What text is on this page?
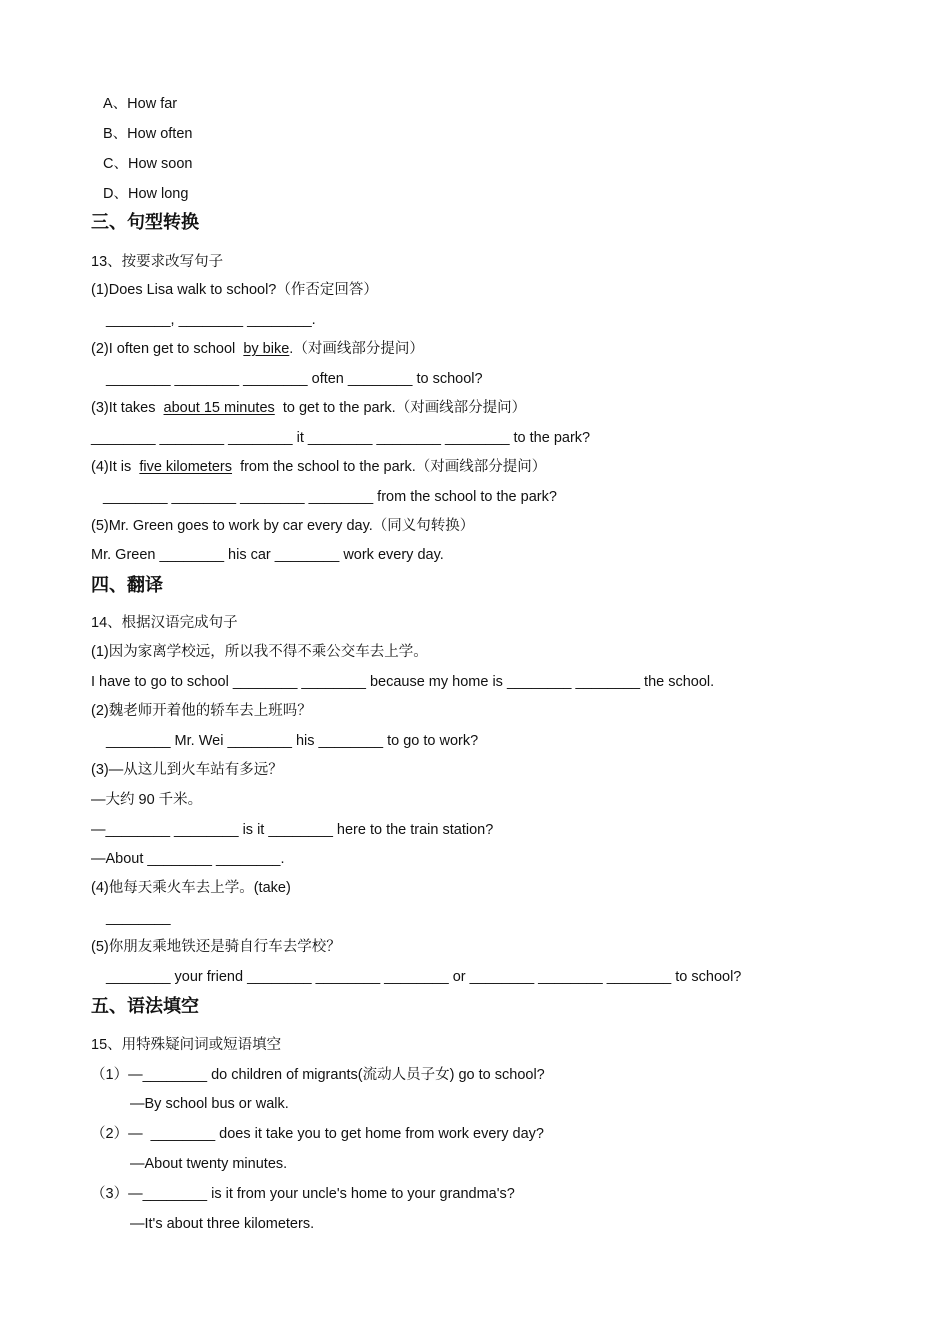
A、How far
B、How often
C、How soon
D、How long
三、句型转换
13、按要求改写句子
(1)Does Lisa walk to school?（作否定回答）
________, ________ ________.
(2)I often get to school  by bike.（对画线部分提问）
________ ________ ________ often ________ to school?
(3)It takes  about 15 minutes  to get to the park.（对画线部分提问）
________ ________ ________ it ________ ________ ________ to the park?
(4)It is  five kilometers  from the school to the park.（对画线部分提问）
________ ________ ________ ________ from the school to the park?
(5)Mr. Green goes to work by car every day.（同义句转换）
Mr. Green ________ his car ________ work every day.
四、翻译
14、根据汉语完成句子
(1)因为家离学校远，所以我不得不乘公交车去上学。
I have to go to school ________ ________ because my home is ________ ________ the school.
(2)魏老师开着他的轿车去上班吗？
________ Mr. Wei ________ his ________ to go to work?
(3)—从这儿到火车站有多远？
—大约 90 千米。
—________ ________ is it ________ here to the train station?
—About ________ ________.
(4)他每天乘火车去上学。(take)
________
(5)你朋友乘地铁还是骑自行车去学校？
________ your friend ________ ________ ________ or ________ ________ ________ to school?
五、语法填空
15、用特殊疑问词或短语填空
（1）—________ do children of migrants(流动人员子女) go to school?
—By school bus or walk.
（2）—  ________ does it take you to get home from work every day?
—About twenty minutes.
（3）—________ is it from your uncle's home to your grandma's?
—It's about three kilometers.
